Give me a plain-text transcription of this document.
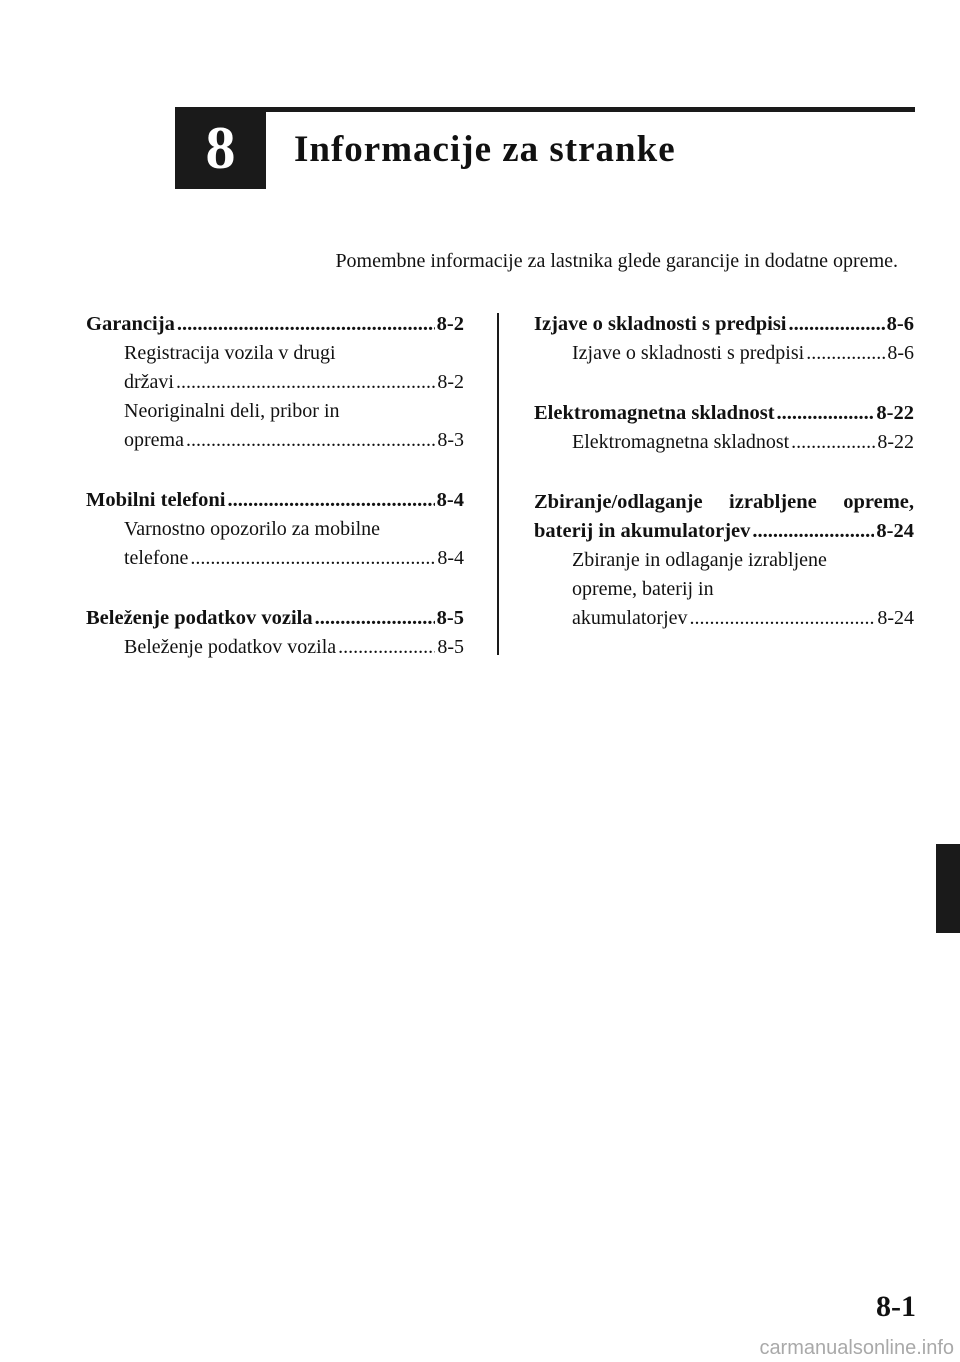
8 Informacije za stranke
Pomembne informacije za lastnika glede garancije in dodatne opreme.
Garancija .....	8-2
Registracija vozila v drugi
državi .....	8-2
Neoriginalni deli, pribor in
oprema .....	8-3
Mobilni telefoni .....	8-4
Varnostno opozorilo za mobilne
telefone .....	8-4
Beleženje podatkov vozila .....	8-5
Beleženje podatkov vozila .....	8-5
Izjave o skladnosti s predpisi .....	8-6
Izjave o skladnosti s predpisi .....	8-6
Elektromagnetna skladnost .....	8-22
Elektromagnetna skladnost .....	8-22
Zbiranje/odlaganje izrabljene opreme,
baterij in akumulatorjev .....	8-24
Zbiranje in odlaganje izrabljene
opreme, baterij in
akumulatorjev .....	8-24
8-1
carmanualsonline.info
